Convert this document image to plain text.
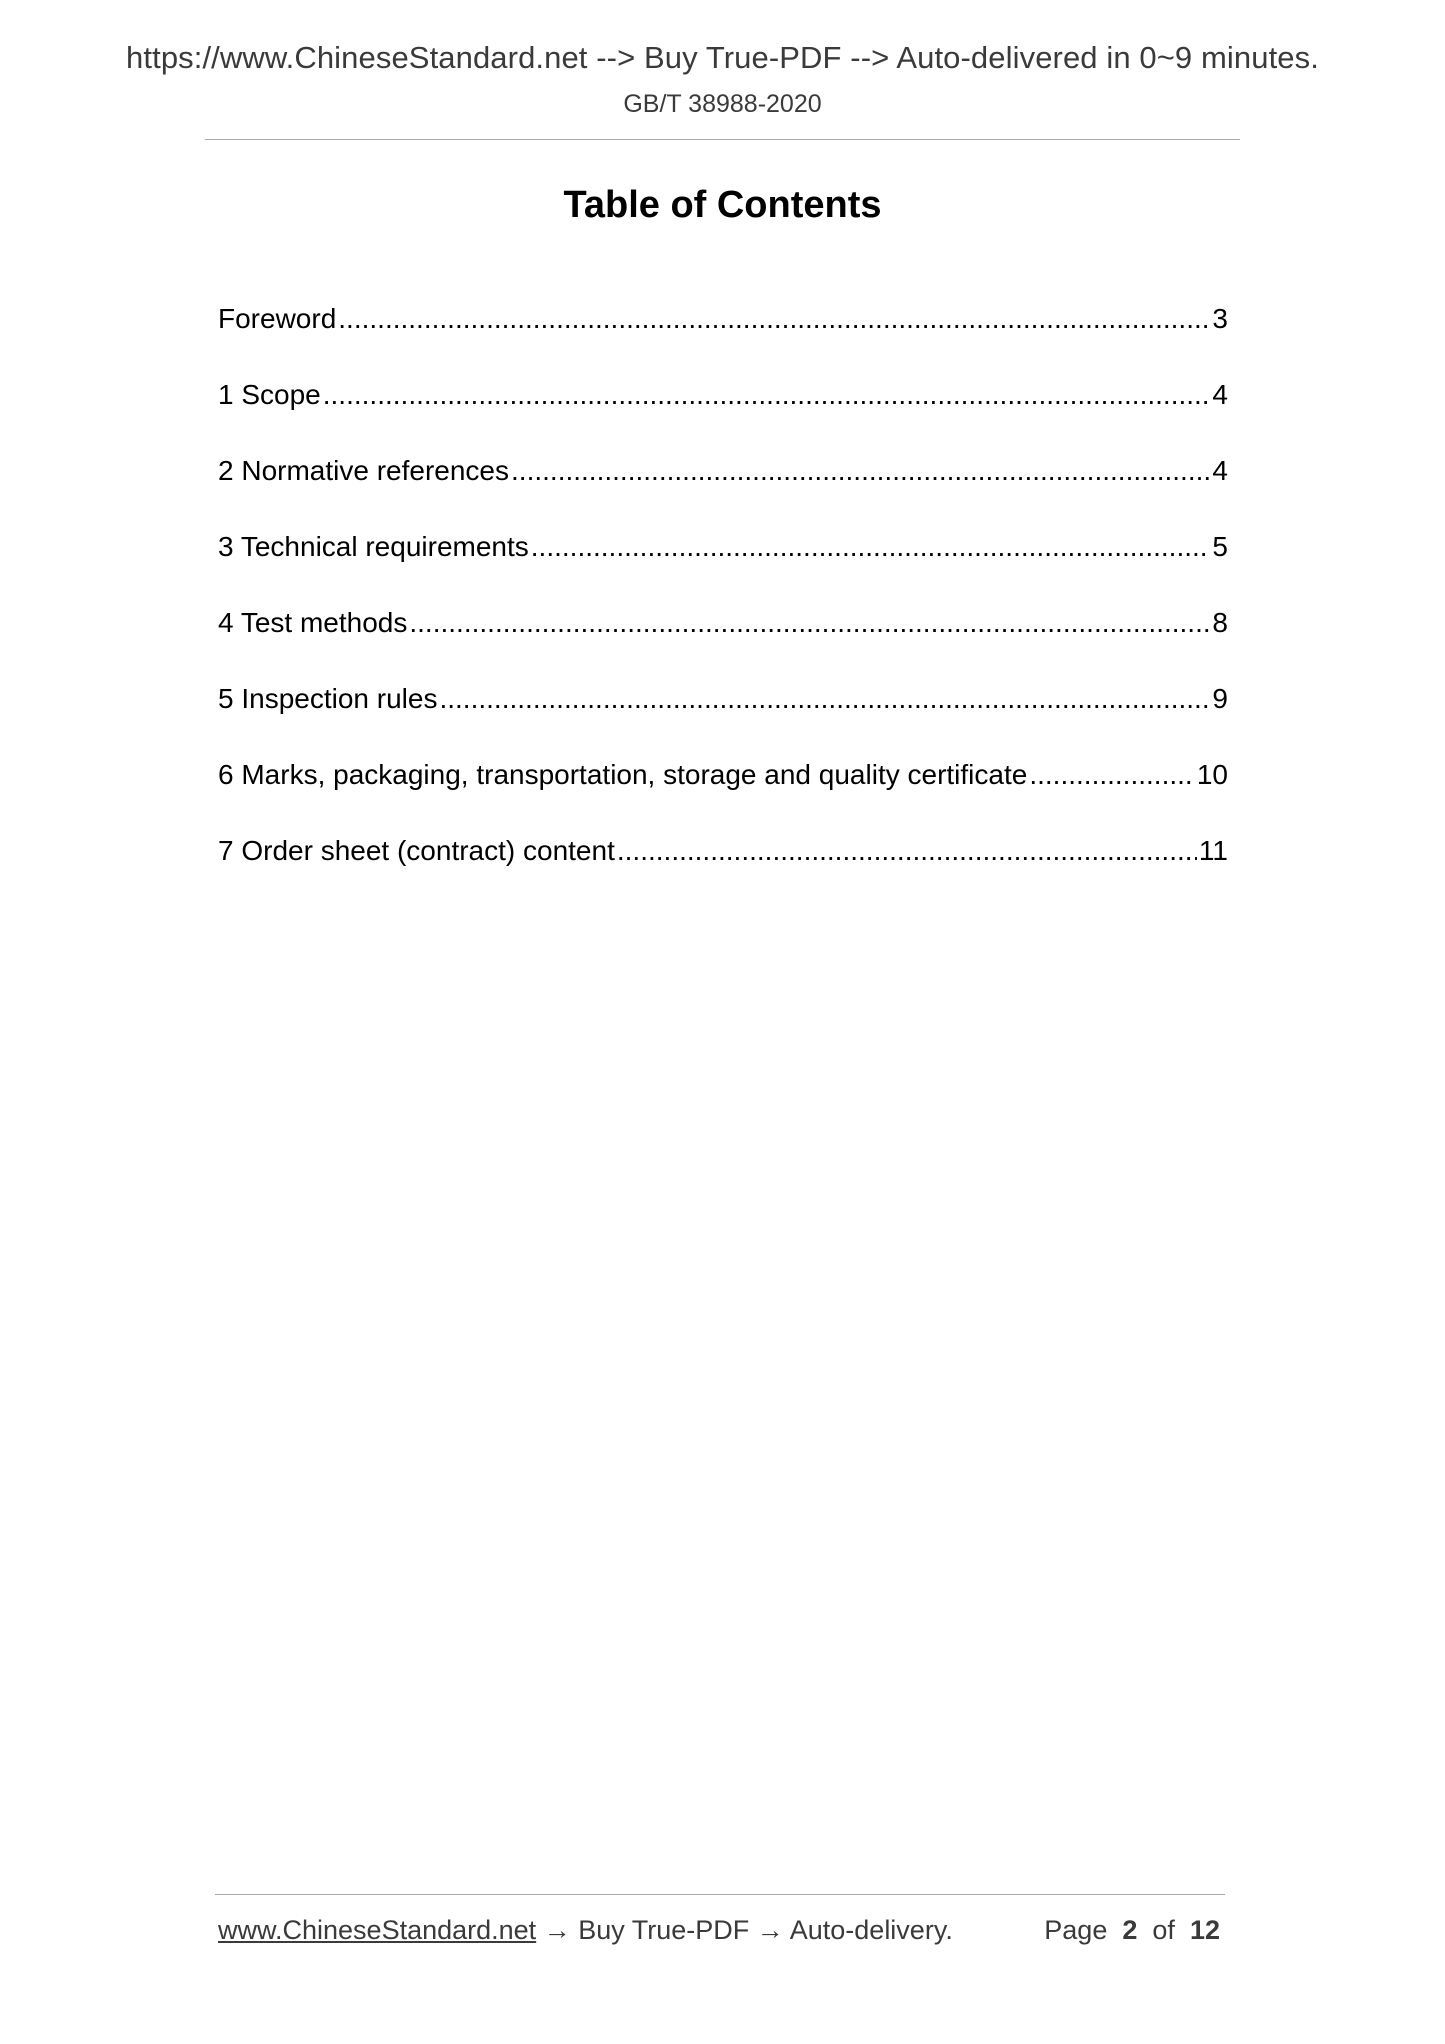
https://www.ChineseStandard.net --> Buy True-PDF --> Auto-delivered in 0~9 minutes.
GB/T 38988-2020
Table of Contents
Foreword .....	3
1 Scope .....	4
2 Normative references .....	4
3 Technical requirements .....	5
4 Test methods .....	8
5 Inspection rules .....	9
6 Marks, packaging, transportation, storage and quality certificate .....	10
7 Order sheet (contract) content .....	11
www.ChineseStandard.net → Buy True-PDF → Auto-delivery.	Page 2 of 12
